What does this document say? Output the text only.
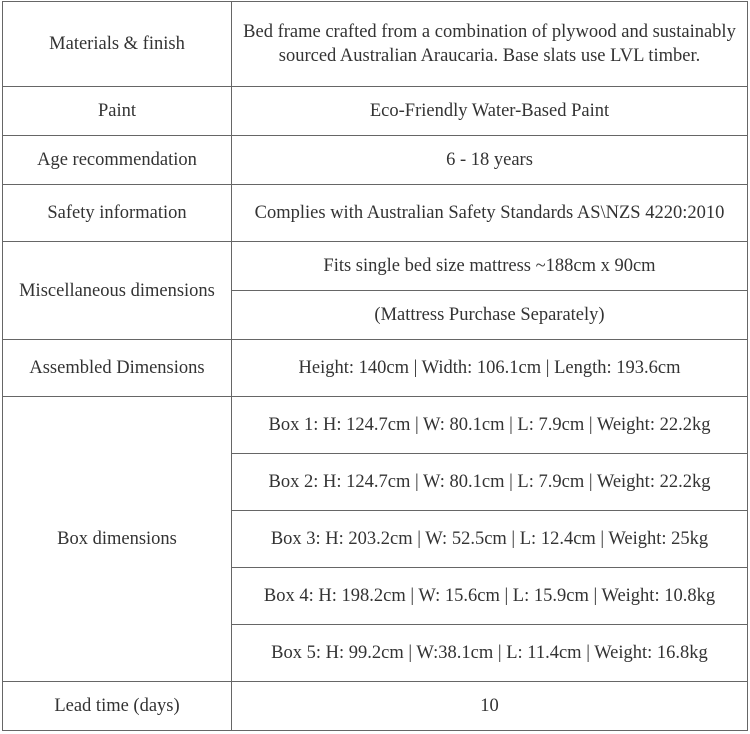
Materials & finish	Bed frame crafted from a combination of plywood and sustainably sourced Australian Araucaria. Base slats use LVL timber.
Paint	Eco-Friendly Water-Based Paint
Age recommendation	6 - 18 years
Safety information	Complies with Australian Safety Standards AS\NZS 4220:2010
Miscellaneous dimensions	Fits single bed size mattress ~188cm x 90cm
	(Mattress Purchase Separately)
Assembled Dimensions	Height: 140cm | Width: 106.1cm | Length: 193.6cm
Box dimensions	Box 1: H: 124.7cm | W: 80.1cm | L: 7.9cm | Weight: 22.2kg
	Box 2: H: 124.7cm | W: 80.1cm | L: 7.9cm | Weight: 22.2kg
	Box 3: H: 203.2cm | W: 52.5cm | L: 12.4cm | Weight: 25kg
	Box 4: H: 198.2cm | W: 15.6cm | L: 15.9cm | Weight: 10.8kg
	Box 5: H: 99.2cm | W:38.1cm | L: 11.4cm | Weight: 16.8kg
Lead time (days)	10
